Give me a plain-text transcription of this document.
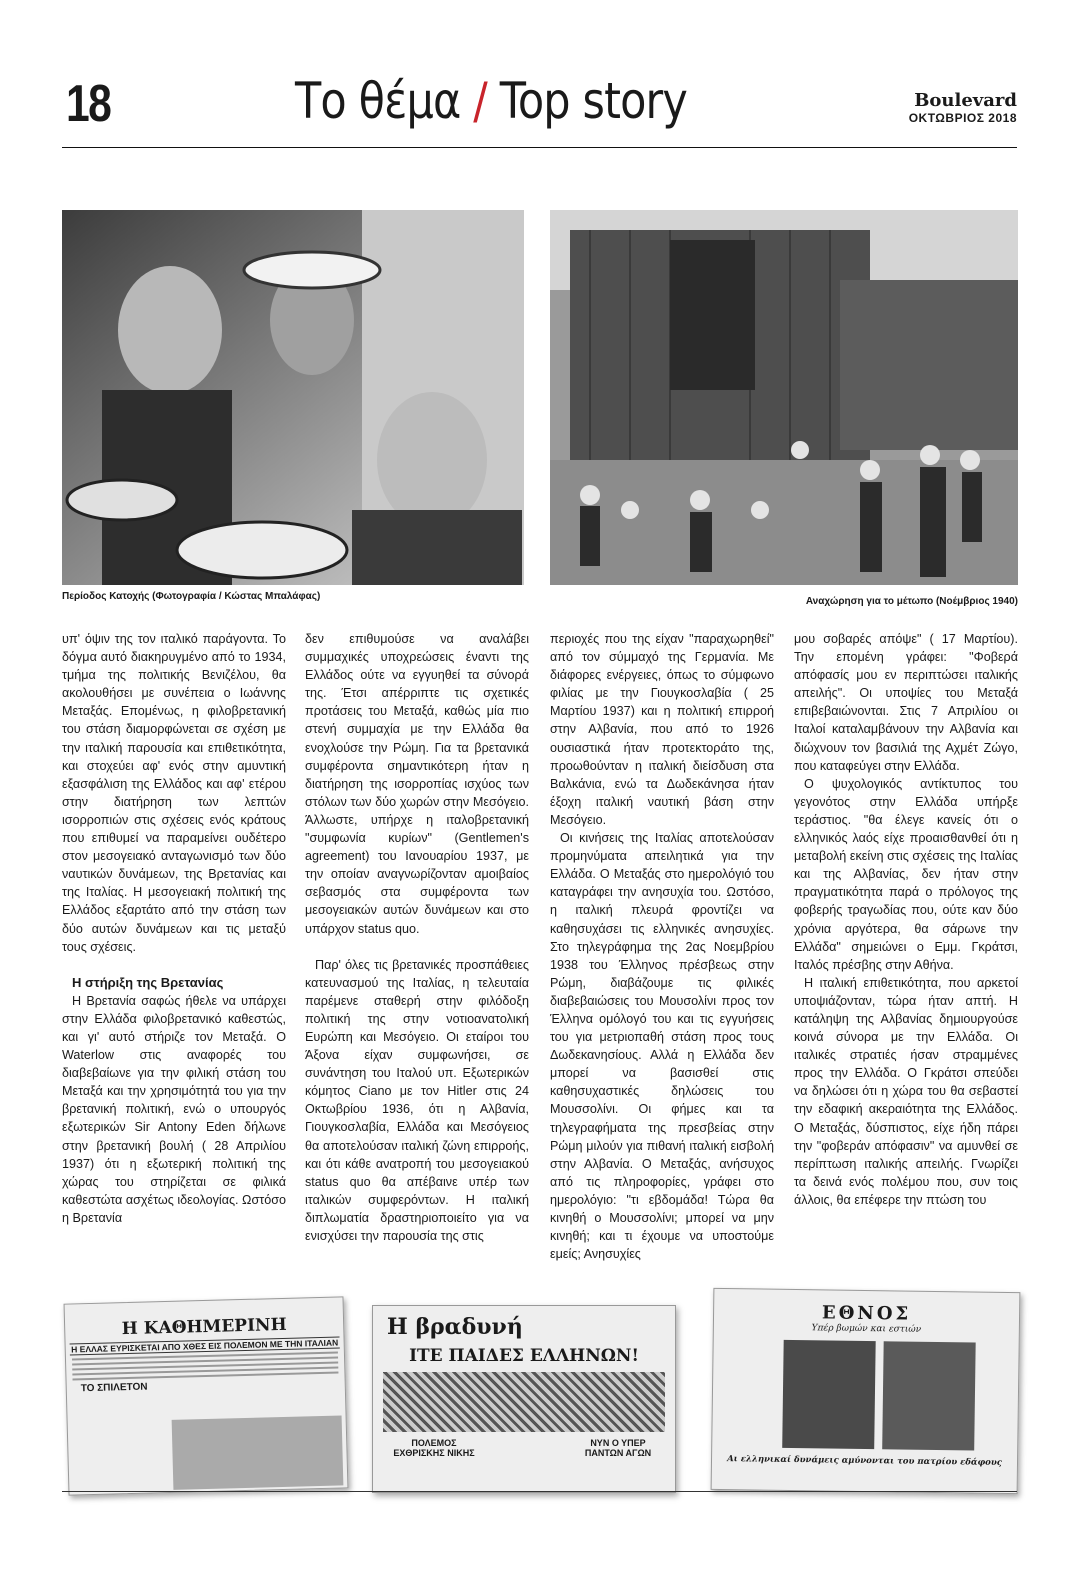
18	Το θέμα / Top story	Boulevard
ΟΚΤΩΒΡΙΟΣ 2018
Περίοδος Κατοχής (Φωτογραφία / Κώστας Μπαλάφας)	Αναχώρηση για το μέτωπο (Νοέμβριος 1940)

υπ' όψιν της τον ιταλικό παράγοντα. Το δόγμα αυτό διακηρυγμένο από το 1934, τμήμα της πολιτικής Βενιζέλου, θα ακολουθήσει με συνέπεια ο Ιωάννης Μεταξάς. Επομένως, η φιλοβρετανική του στάση διαμορφώνεται σε σχέση με την ιταλική παρουσία και επιθετικότητα, και στοχεύει αφ' ενός στην αμυντική εξασφάλιση της Ελλάδος και αφ' ετέρου στην διατήρηση των λεπτών ισορροπιών στις σχέσεις ενός κράτους που επιθυμεί να παραμείνει ουδέτερο στον μεσογειακό ανταγωνισμό των δύο ναυτικών δυνάμεων, της Βρετανίας και της Ιταλίας. Η μεσογειακή πολιτική της Ελλάδος εξαρτάτο από την στάση των δύο αυτών δυνάμεων και τις μεταξύ τους σχέσεις.

Η στήριξη της Βρετανίας

Η Βρετανία σαφώς ήθελε να υπάρχει στην Ελλάδα φιλοβρετανικό καθεστώς, και γι' αυτό στήριζε τον Μεταξά. Ο Waterlow στις αναφορές του διαβεβαίωνε για την φιλική στάση του Μεταξά και την χρησιμότητά του για την βρετανική πολιτική, ενώ ο υπουργός εξωτερικών Sir Antony Eden δήλωνε στην βρετανική βουλή ( 28 Απριλίου 1937) ότι η εξωτερική πολιτική της χώρας του στηρίζεται σε φιλικά καθεστώτα ασχέτως ιδεολογίας. Ωστόσο η Βρετανία

δεν επιθυμούσε να αναλάβει συμμαχικές υποχρεώσεις έναντι της Ελλάδος ούτε να εγγυηθεί τα σύνορά της. Έτσι απέρριπτε τις σχετικές προτάσεις του Μεταξά, καθώς μία πιο στενή συμμαχία με την Ελλάδα θα ενοχλούσε την Ρώμη. Για τα βρετανικά συμφέροντα σημαντικότερη ήταν η διατήρηση της ισορροπίας ισχύος των στόλων των δύο χωρών στην Μεσόγειο. Άλλωστε, υπήρχε η ιταλοβρετανική "συμφωνία κυρίων" (Gentlemen's agreement) του Ιανουαρίου 1937, με την οποίαν αναγνωρίζονταν αμοιβαίος σεβασμός στα συμφέροντα των μεσογειακών αυτών δυνάμεων και στο υπάρχον status quo.

Παρ' όλες τις βρετανικές προσπάθειες κατευνασμού της Ιταλίας, η τελευταία παρέμενε σταθερή στην φιλόδοξη πολιτική της στην νοτιοανατολική Ευρώπη και Μεσόγειο. Οι εταίροι του Άξονα είχαν συμφωνήσει, σε συνάντηση του Ιταλού υπ. Εξωτερικών κόμητος Ciano με τον Hitler στις 24 Οκτωβρίου 1936, ότι η Αλβανία, Γιουγκοσλαβία, Ελλάδα και Μεσόγειος θα αποτελούσαν ιταλική ζώνη επιρροής, και ότι κάθε ανατροπή του μεσογειακού status quo θα απέβαινε υπέρ των ιταλικών συμφερόντων. Η ιταλική διπλωματία δραστηριοποιείτο για να ενισχύσει την παρουσία της στις

περιοχές που της είχαν "παραχωρηθεί" από τον σύμμαχό της Γερμανία. Με διάφορες ενέργειες, όπως το σύμφωνο φιλίας με την Γιουγκοσλαβία ( 25 Μαρτίου 1937) και η πολιτική επιρροή στην Αλβανία, που από το 1926 ουσιαστικά ήταν προτεκτοράτο της, προωθούνταν η ιταλική διείσδυση στα Βαλκάνια, ενώ τα Δωδεκάνησα ήταν έξοχη ιταλική ναυτική βάση στην Μεσόγειο.

Οι κινήσεις της Ιταλίας αποτελούσαν προμηνύματα απειλητικά για την Ελλάδα. Ο Μεταξάς στο ημερολόγιό του καταγράφει την ανησυχία του. Ωστόσο, η ιταλική πλευρά φροντίζει να καθησυχάσει τις ελληνικές ανησυχίες. Στο τηλεγράφημα της 2ας Νοεμβρίου 1938 του Έλληνος πρέσβεως στην Ρώμη, διαβάζουμε τις φιλικές διαβεβαιώσεις του Μουσολίνι προς τον Έλληνα ομόλογό του και τις εγγυήσεις του για μετριοπαθή στάση προς τους Δωδεκανησίους. Αλλά η Ελλάδα δεν μπορεί να βασισθεί στις καθησυχαστικές δηλώσεις του Μουσσολίνι. Οι φήμες και τα τηλεγραφήματα της πρεσβείας στην Ρώμη μιλούν για πιθανή ιταλική εισβολή στην Αλβανία. Ο Μεταξάς, ανήσυχος από τις πληροφορίες, γράφει στο ημερολόγιο: "τι εβδομάδα! Τώρα θα κινηθή ο Μουσσολίνι; μπορεί να μην κινηθή; και τι έχουμε να υποστούμε εμείς; Ανησυχίες

μου σοβαρές απόψε" ( 17 Μαρτίου). Την επομένη γράφει: "Φοβερά απόφασίς μου εν περιπτώσει ιταλικής απειλής". Οι υποψίες του Μεταξά επιβεβαιώνονται. Στις 7 Απριλίου οι Ιταλοί καταλαμβάνουν την Αλβανία και διώχνουν τον βασιλιά της Αχμέτ Ζώγο, που καταφεύγει στην Ελλάδα.

Ο ψυχολογικός αντίκτυπος του γεγονότος στην Ελλάδα υπήρξε τεράστιος. "θα έλεγε κανείς ότι ο ελληνικός λαός είχε προαισθανθεί ότι η μεταβολή εκείνη στις σχέσεις της Ιταλίας και της Αλβανίας, δεν ήταν στην πραγματικότητα παρά ο πρόλογος της φοβερής τραγωδίας που, ούτε καν δύο χρόνια αργότερα, θα σάρωνε την Ελλάδα" σημειώνει ο Εμμ. Γκράτσι, Ιταλός πρέσβης στην Αθήνα.

Η ιταλική επιθετικότητα, που αρκετοί υποψιάζονταν, τώρα ήταν απτή. Η κατάληψη της Αλβανίας δημιουργούσε κοινά σύνορα με την Ελλάδα. Οι ιταλικές στρατιές ήσαν στραμμένες προς την Ελλάδα. Ο Γκράτσι σπεύδει να δηλώσει ότι η χώρα του θα σεβαστεί την εδαφική ακεραιότητα της Ελλάδος. Ο Μεταξάς, δύσπιστος, είχε ήδη πάρει την "φοβεράν απόφασιν" να αμυνθεί σε περίπτωση ιταλικής απειλής. Γνωρίζει τα δεινά ενός πολέμου που, συν τοις άλλοις, θα επέφερε την πτώση του

Η ΚΑΘΗΜΕΡΙΝΗ
Η ΕΛΛΑΣ ΕΥΡΙΣΚΕΤΑΙ ΑΠΟ ΧΘΕΣ ΕΙΣ ΠΟΛΕΜΟΝ ΜΕ ΤΗΝ ΙΤΑΛΙΑΝ
ΤΟ ΣΠΙΛΕΤΟΝ
Η βραδυνή
ΙΤΕ ΠΑΙΔΕΣ ΕΛΛΗΝΩΝ!
ΠΟΛΕΜΟΣ ΕΧΘΡΙΣΚΗΣ ΝΙΚΗΣ
ΝΥΝ Ο ΥΠΕΡ ΠΑΝΤΩΝ ΑΓΩΝ
ΕΘΝΟΣ
Υπέρ βωμών και εστιών
Αι ελληνικαί δυνάμεις αμύνονται του πατρίου εδάφους
